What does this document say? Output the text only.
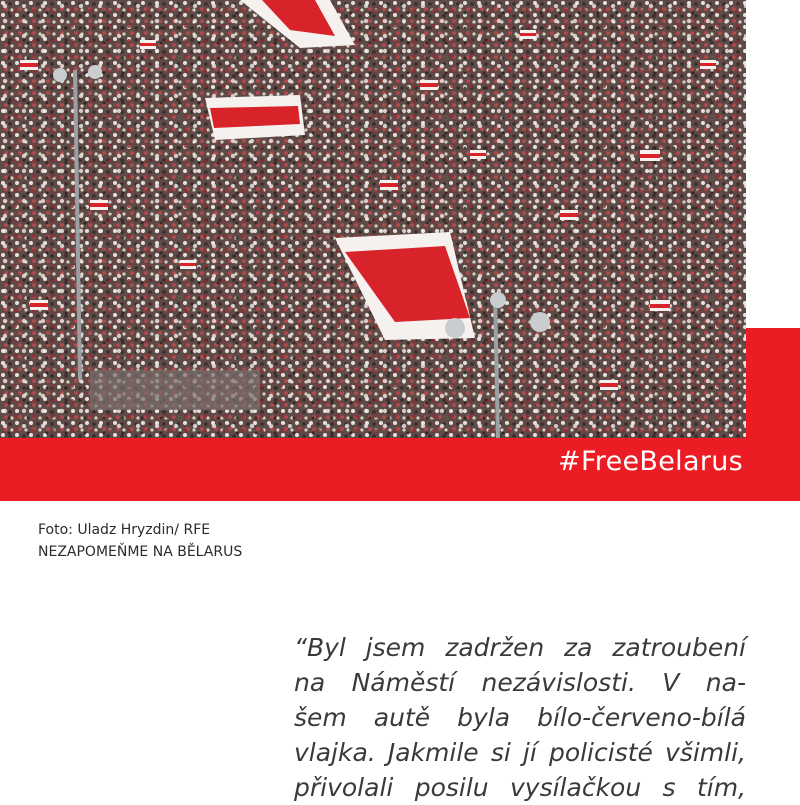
#FreeBelarus
Foto: Uladz Hryzdin/ RFE
NEZAPOMEŇME NA BĚLARUS
“Byl jsem zadržen za zatroubení
na Náměstí nezávislosti. V na-
šem autě byla bílo-červeno-bílá
vlajka. Jakmile si jí policisté všimli,
přivolali posilu vysílačkou s tím,
